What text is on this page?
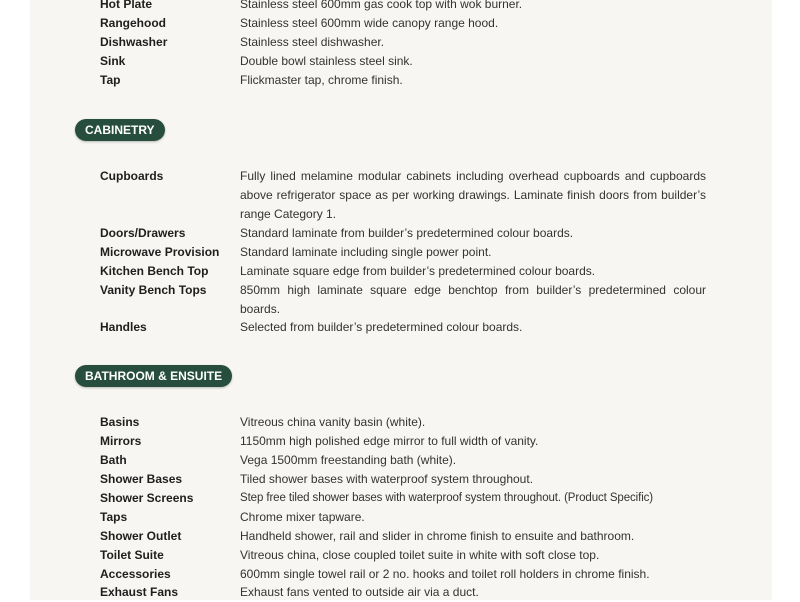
Hot Plate	Stainless steel 600mm gas cook top with wok burner.
Rangehood	Stainless steel 600mm wide canopy range hood.
Dishwasher	Stainless steel dishwasher.
Sink	Double bowl stainless steel sink.
Tap	Flickmaster tap, chrome finish.
CABINETRY
Cupboards	Fully lined melamine modular cabinets including overhead cupboards and cupboards above refrigerator space as per working drawings. Laminate finish doors from builder’s range Category 1.
Doors/Drawers	Standard laminate from builder’s predetermined colour boards.
Microwave Provision	Standard laminate including single power point.
Kitchen Bench Top	Laminate square edge from builder’s predetermined colour boards.
Vanity Bench Tops	850mm high laminate square edge benchtop from builder’s predetermined colour boards.
Handles	Selected from builder’s predetermined colour boards.
BATHROOM & ENSUITE
Basins	Vitreous china vanity basin (white).
Mirrors	1150mm high polished edge mirror to full width of vanity.
Bath	Vega 1500mm freestanding bath (white).
Shower Bases	Tiled shower bases with waterproof system throughout.
Shower Screens	Step free tiled shower bases with waterproof system throughout. (Product Specific)
Taps	Chrome mixer tapware.
Shower Outlet	Handheld shower, rail and slider in chrome finish to ensuite and bathroom.
Toilet Suite	Vitreous china, close coupled toilet suite in white with soft close top.
Accessories	600mm single towel rail or 2 no. hooks and toilet roll holders in chrome finish.
Exhaust Fans	Exhaust fans vented to outside air via a duct.
